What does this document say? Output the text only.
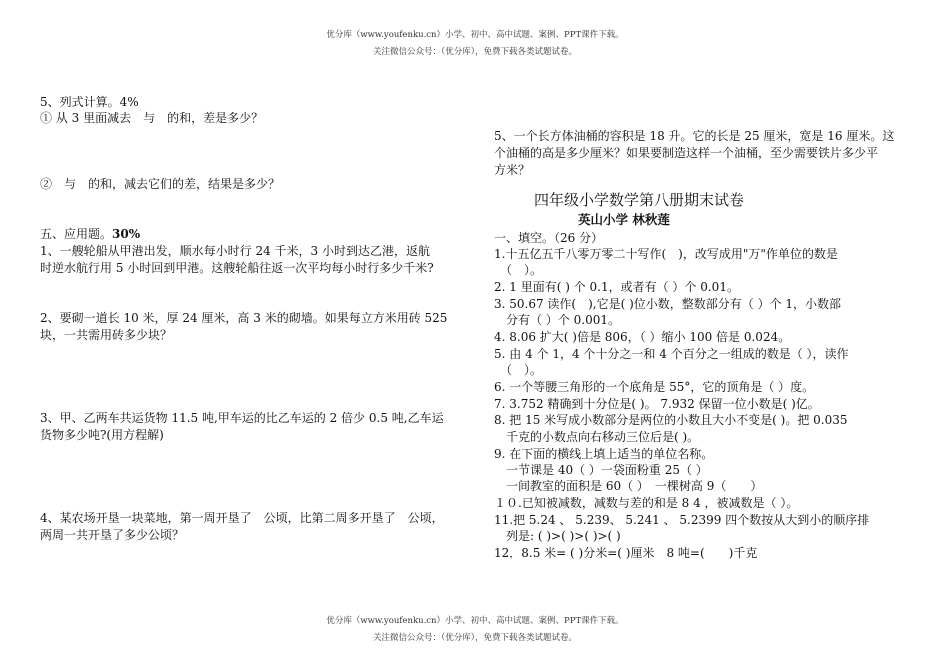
优分库（www.youfenku.cn）小学、初中、高中试题、案例、PPT课件下载。
关注微信公众号：（优分库），免费下载各类试题试卷。
5、列式计算。4%
① 从 3 里面减去　与　的和，差是多少？
②　与　的和，减去它们的差，结果是多少？
五、应用题。30%
1、一艘轮船从甲港出发，顺水每小时行 24 千米，3 小时到达乙港，返航
时逆水航行用 5 小时回到甲港。这艘轮船往返一次平均每小时行多少千米?
2、要砌一道长 10 米，厚 24 厘米，高 3 米的砌墙。如果每立方米用砖 525
块，一共需用砖多少块？
3、甲、乙两车共运货物 11.5 吨,甲车运的比乙车运的 2 倍少 0.5 吨,乙车运
货物多少吨?(用方程解)
4、某农场开垦一块菜地，第一周开垦了　公顷，比第二周多开垦了　公顷，
两周一共开垦了多少公顷？
5、一个长方体油桶的容积是 18 升。它的长是 25 厘米，宽是 16 厘米。这
个油桶的高是多少厘米？如果要制造这样一个油桶，至少需要铁片多少平
方米？
四年级小学数学第八册期末试卷
英山小学 林秋莲
一、填空。（26 分）
1.十五亿五千八零万零二十写作(　)，改写成用"万"作单位的数是
　（　）。
2. 1 里面有( ) 个 0.1，或者有（ ）个 0.01。
3. 50.67 读作(　),它是( )位小数，整数部分有（ ）个 1，小数部
　分有（ ）个 0.001。
4. 8.06 扩大( )倍是 806，（ ）缩小 100 倍是 0.024。
5. 由 4 个 1，4 个十分之一和 4 个百分之一组成的数是（ ），读作
　（　）。
6. 一个等腰三角形的一个底角是 55°，它的顶角是（ ）度。
7. 3.752 精确到十分位是( )。 7.932 保留一位小数是( )亿。
8. 把 15 米写成小数部分是两位的小数且大小不变是( )。把 0.035
　千克的小数点向右移动三位后是( )。
9. 在下面的横线上填上适当的单位名称。
　一节课是 40（ ）一袋面粉重 25（ ）
　一间教室的面积是 60（ ）　一棵树高 9（　　）
１０.已知被减数，减数与差的和是 8 4 ，被减数是（ ）。
11.把 5.24 、 5.239、 5.241 、 5.2399 四个数按从大到小的顺序排
　列是: ( )>( )>( )>( )
12．8.5 米= ( )分米=( )厘米　8 吨=(　　)千克
优分库（www.youfenku.cn）小学、初中、高中试题、案例、PPT课件下载。
关注微信公众号：（优分库），免费下载各类试题试卷。
